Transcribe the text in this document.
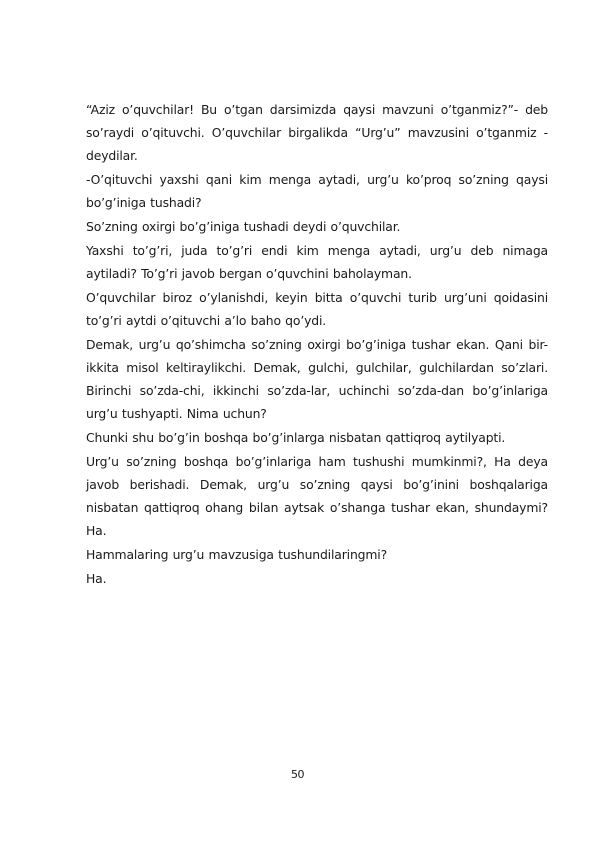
“Aziz o’quvchilar! Bu o’tgan darsimizda qaysi mavzuni o’tganmiz?”- deb so’raydi o’qituvchi. O’quvchilar birgalikda “Urg’u” mavzusini o’tganmiz -deydilar.

-O’qituvchi yaxshi qani kim menga aytadi, urg’u ko’proq so’zning qaysi bo’g’iniga tushadi?

So’zning oxirgi bo’g’iniga tushadi deydi o’quvchilar.

Yaxshi to’g’ri, juda to’g’ri endi kim menga aytadi, urg’u deb nimaga aytiladi? To’g’ri javob bergan o’quvchini baholayman.

O’quvchilar biroz o’ylanishdi, keyin bitta o’quvchi turib urg’uni qoidasini to’g’ri aytdi o’qituvchi a’lo baho qo’ydi.

Demak, urg’u qo’shimcha so’zning oxirgi bo’g’iniga tushar ekan. Qani bir-ikkita misol keltiraylikchi. Demak, gulchi, gulchilar, gulchilardan so’zlari. Birinchi so’zda-chi, ikkinchi so’zda-lar, uchinchi so’zda-dan bo’g’inlariga urg’u tushyapti. Nima uchun?

Chunki shu bo’g’in boshqa bo’g’inlarga nisbatan qattiqroq aytilyapti.

Urg’u so’zning boshqa bo’g’inlariga ham tushushi mumkinmi?, Ha deya javob berishadi. Demak, urg’u so’zning qaysi bo’g’inini boshqalariga nisbatan qattiqroq ohang bilan aytsak o’shanga tushar ekan, shundaymi? Ha.

Hammalaring urg’u mavzusiga tushundilaringmi?

Ha.

50
